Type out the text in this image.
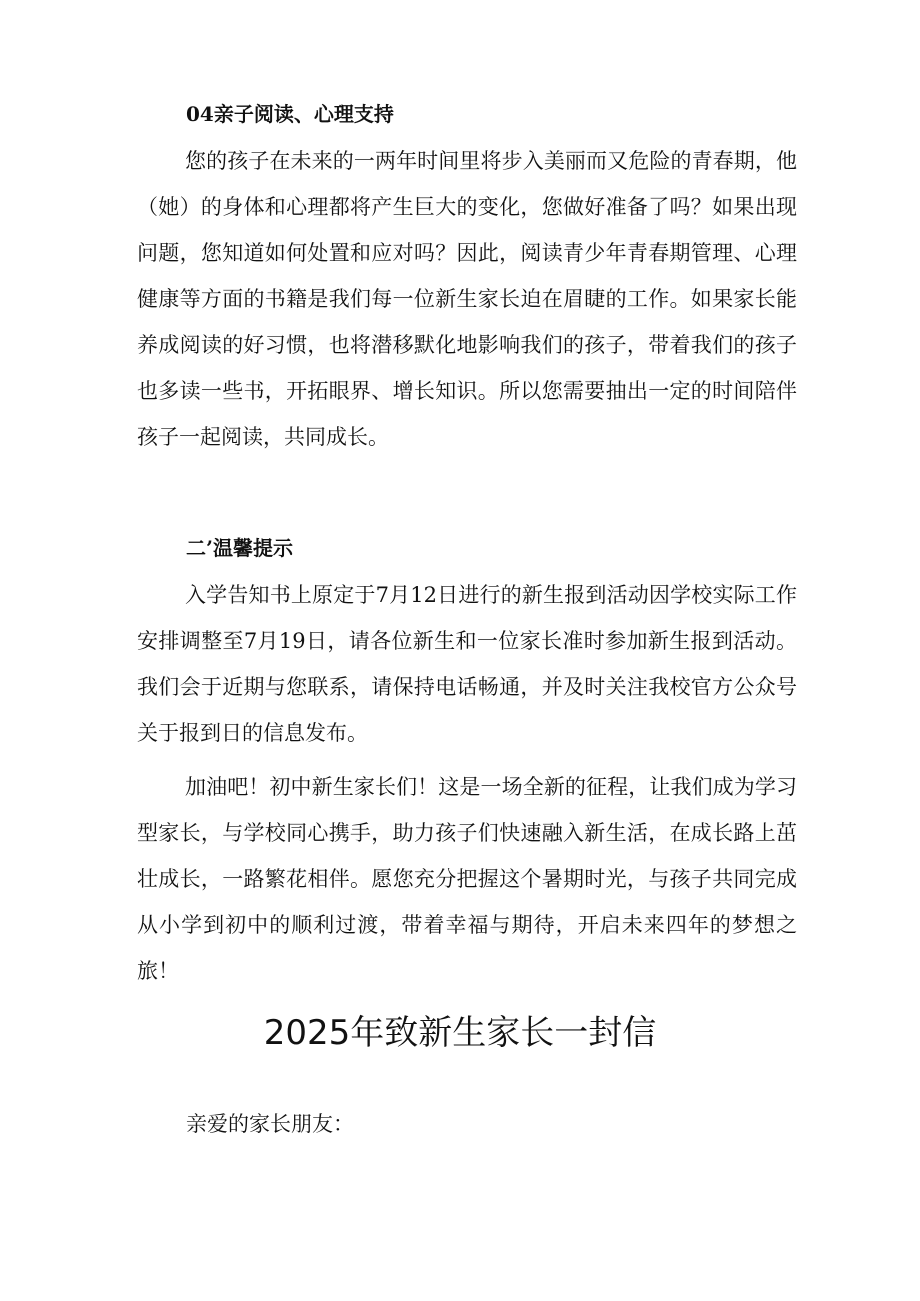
04亲子阅读、心理支持

您的孩子在未来的一两年时间里将步入美丽而又危险的青春期，他（她）的身体和心理都将产生巨大的变化，您做好准备了吗？如果出现问题，您知道如何处置和应对吗？因此，阅读青少年青春期管理、心理健康等方面的书籍是我们每一位新生家长迫在眉睫的工作。如果家长能养成阅读的好习惯，也将潜移默化地影响我们的孩子，带着我们的孩子也多读一些书，开拓眼界、增长知识。所以您需要抽出一定的时间陪伴孩子一起阅读，共同成长。

二’温馨提示

入学告知书上原定于7月12日进行的新生报到活动因学校实际工作安排调整至7月19日，请各位新生和一位家长准时参加新生报到活动。我们会于近期与您联系，请保持电话畅通，并及时关注我校官方公众号关于报到日的信息发布。

加油吧！初中新生家长们！这是一场全新的征程，让我们成为学习型家长，与学校同心携手，助力孩子们快速融入新生活，在成长路上茁壮成长，一路繁花相伴。愿您充分把握这个暑期时光，与孩子共同完成从小学到初中的顺利过渡，带着幸福与期待，开启未来四年的梦想之旅！

2025年致新生家长一封信
亲爱的家长朋友：
